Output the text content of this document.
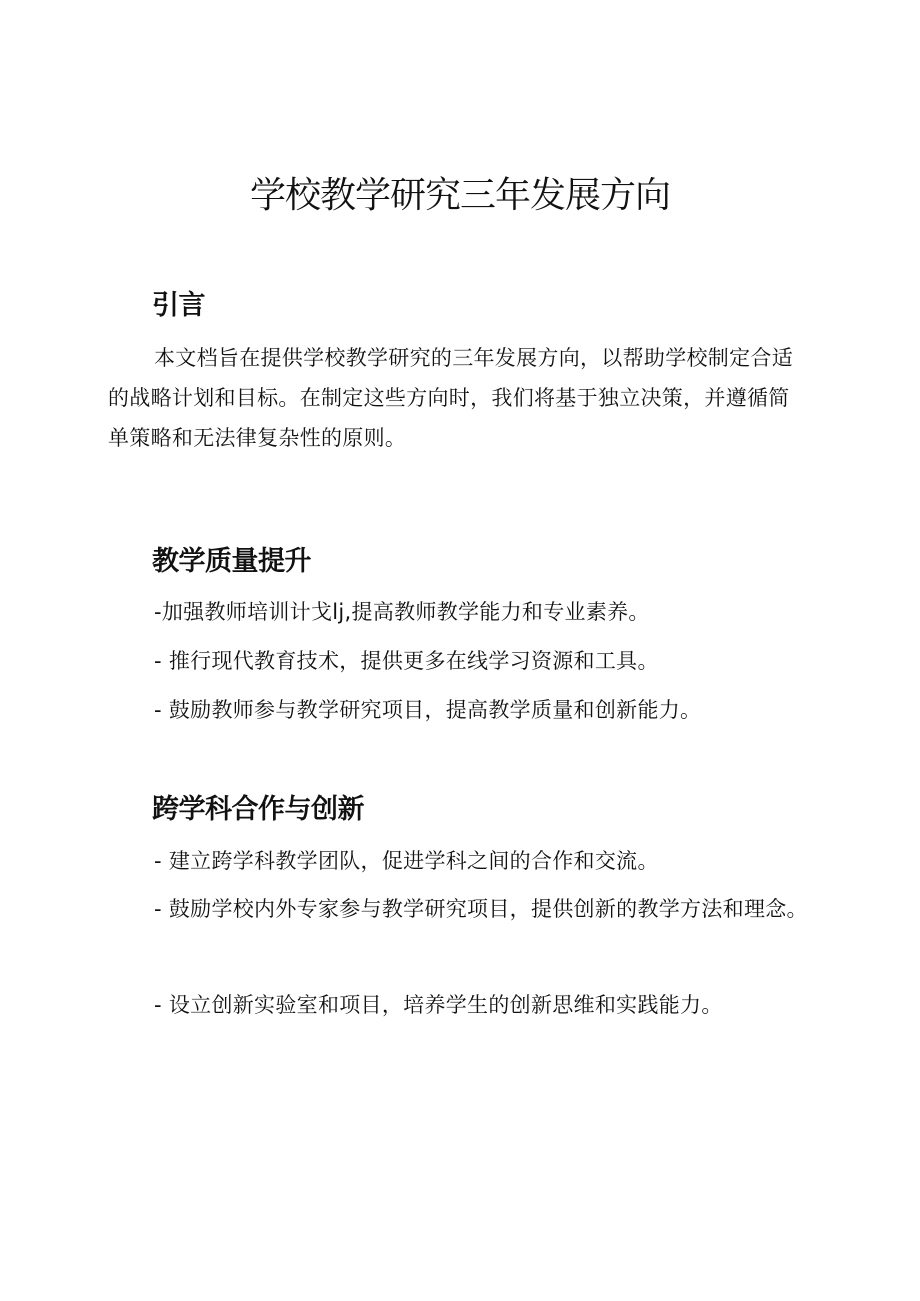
学校教学研究三年发展方向
引言

本文档旨在提供学校教学研究的三年发展方向，以帮助学校制定合适的战略计划和目标。在制定这些方向时，我们将基于独立决策，并遵循简单策略和无法律复杂性的原则。

教学质量提升

-加强教师培训计戈lj,提高教师教学能力和专业素养。

- 推行现代教育技术，提供更多在线学习资源和工具。

- 鼓励教师参与教学研究项目，提高教学质量和创新能力。

跨学科合作与创新

- 建立跨学科教学团队，促进学科之间的合作和交流。

- 鼓励学校内外专家参与教学研究项目，提供创新的教学方法和理念。

- 设立创新实验室和项目，培养学生的创新思维和实践能力。
